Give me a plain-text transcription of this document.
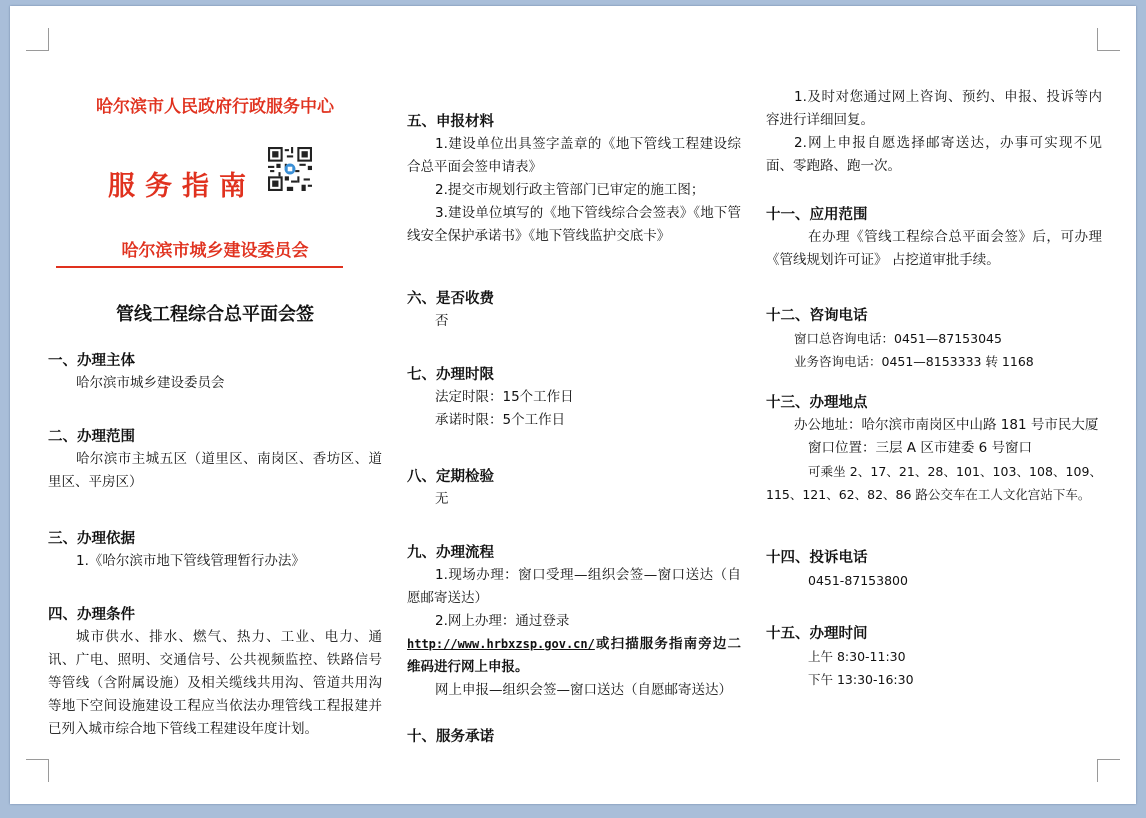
哈尔滨市人民政府行政服务中心
服务指南
哈尔滨市城乡建设委员会
管线工程综合总平面会签
一、办理主体
哈尔滨市城乡建设委员会
二、办理范围
哈尔滨市主城五区（道里区、南岗区、香坊区、道里区、平房区）
三、办理依据
1.《哈尔滨市地下管线管理暂行办法》
四、办理条件
城市供水、排水、燃气、热力、工业、电力、通讯、广电、照明、交通信号、公共视频监控、铁路信号等管线（含附属设施）及相关缆线共用沟、管道共用沟等地下空间设施建设工程应当依法办理管线工程报建并已列入城市综合地下管线工程建设年度计划。
五、申报材料
1.建设单位出具签字盖章的《地下管线工程建设综合总平面会签申请表》
2.提交市规划行政主管部门已审定的施工图；
3.建设单位填写的《地下管线综合会签表》《地下管线安全保护承诺书》《地下管线监护交底卡》
六、是否收费
否
七、办理时限
法定时限：15个工作日
承诺时限：5个工作日
八、定期检验
无
九、办理流程
1.现场办理：窗口受理—组织会签—窗口送达（自愿邮寄送达）
2.网上办理：通过登录
http://www.hrbxzsp.gov.cn/或扫描服务指南旁边二维码进行网上申报。
网上申报—组织会签—窗口送达（自愿邮寄送达）
十、服务承诺
1.及时对您通过网上咨询、预约、申报、投诉等内容进行详细回复。
2.网上申报自愿选择邮寄送达，办事可实现不见面、零跑路、跑一次。
十一、应用范围
在办理《管线工程综合总平面会签》后，可办理《管线规划许可证》 占挖道审批手续。
十二、咨询电话
窗口总咨询电话：0451—87153045
业务咨询电话：0451—8153333 转 1168
十三、办理地点
办公地址：哈尔滨市南岗区中山路 181 号市民大厦
窗口位置：三层 A 区市建委 6 号窗口
可乘坐 2、17、21、28、101、103、108、109、115、121、62、82、86 路公交车在工人文化宫站下车。
十四、投诉电话
0451-87153800
十五、办理时间
上午 8:30-11:30
下午 13:30-16:30
